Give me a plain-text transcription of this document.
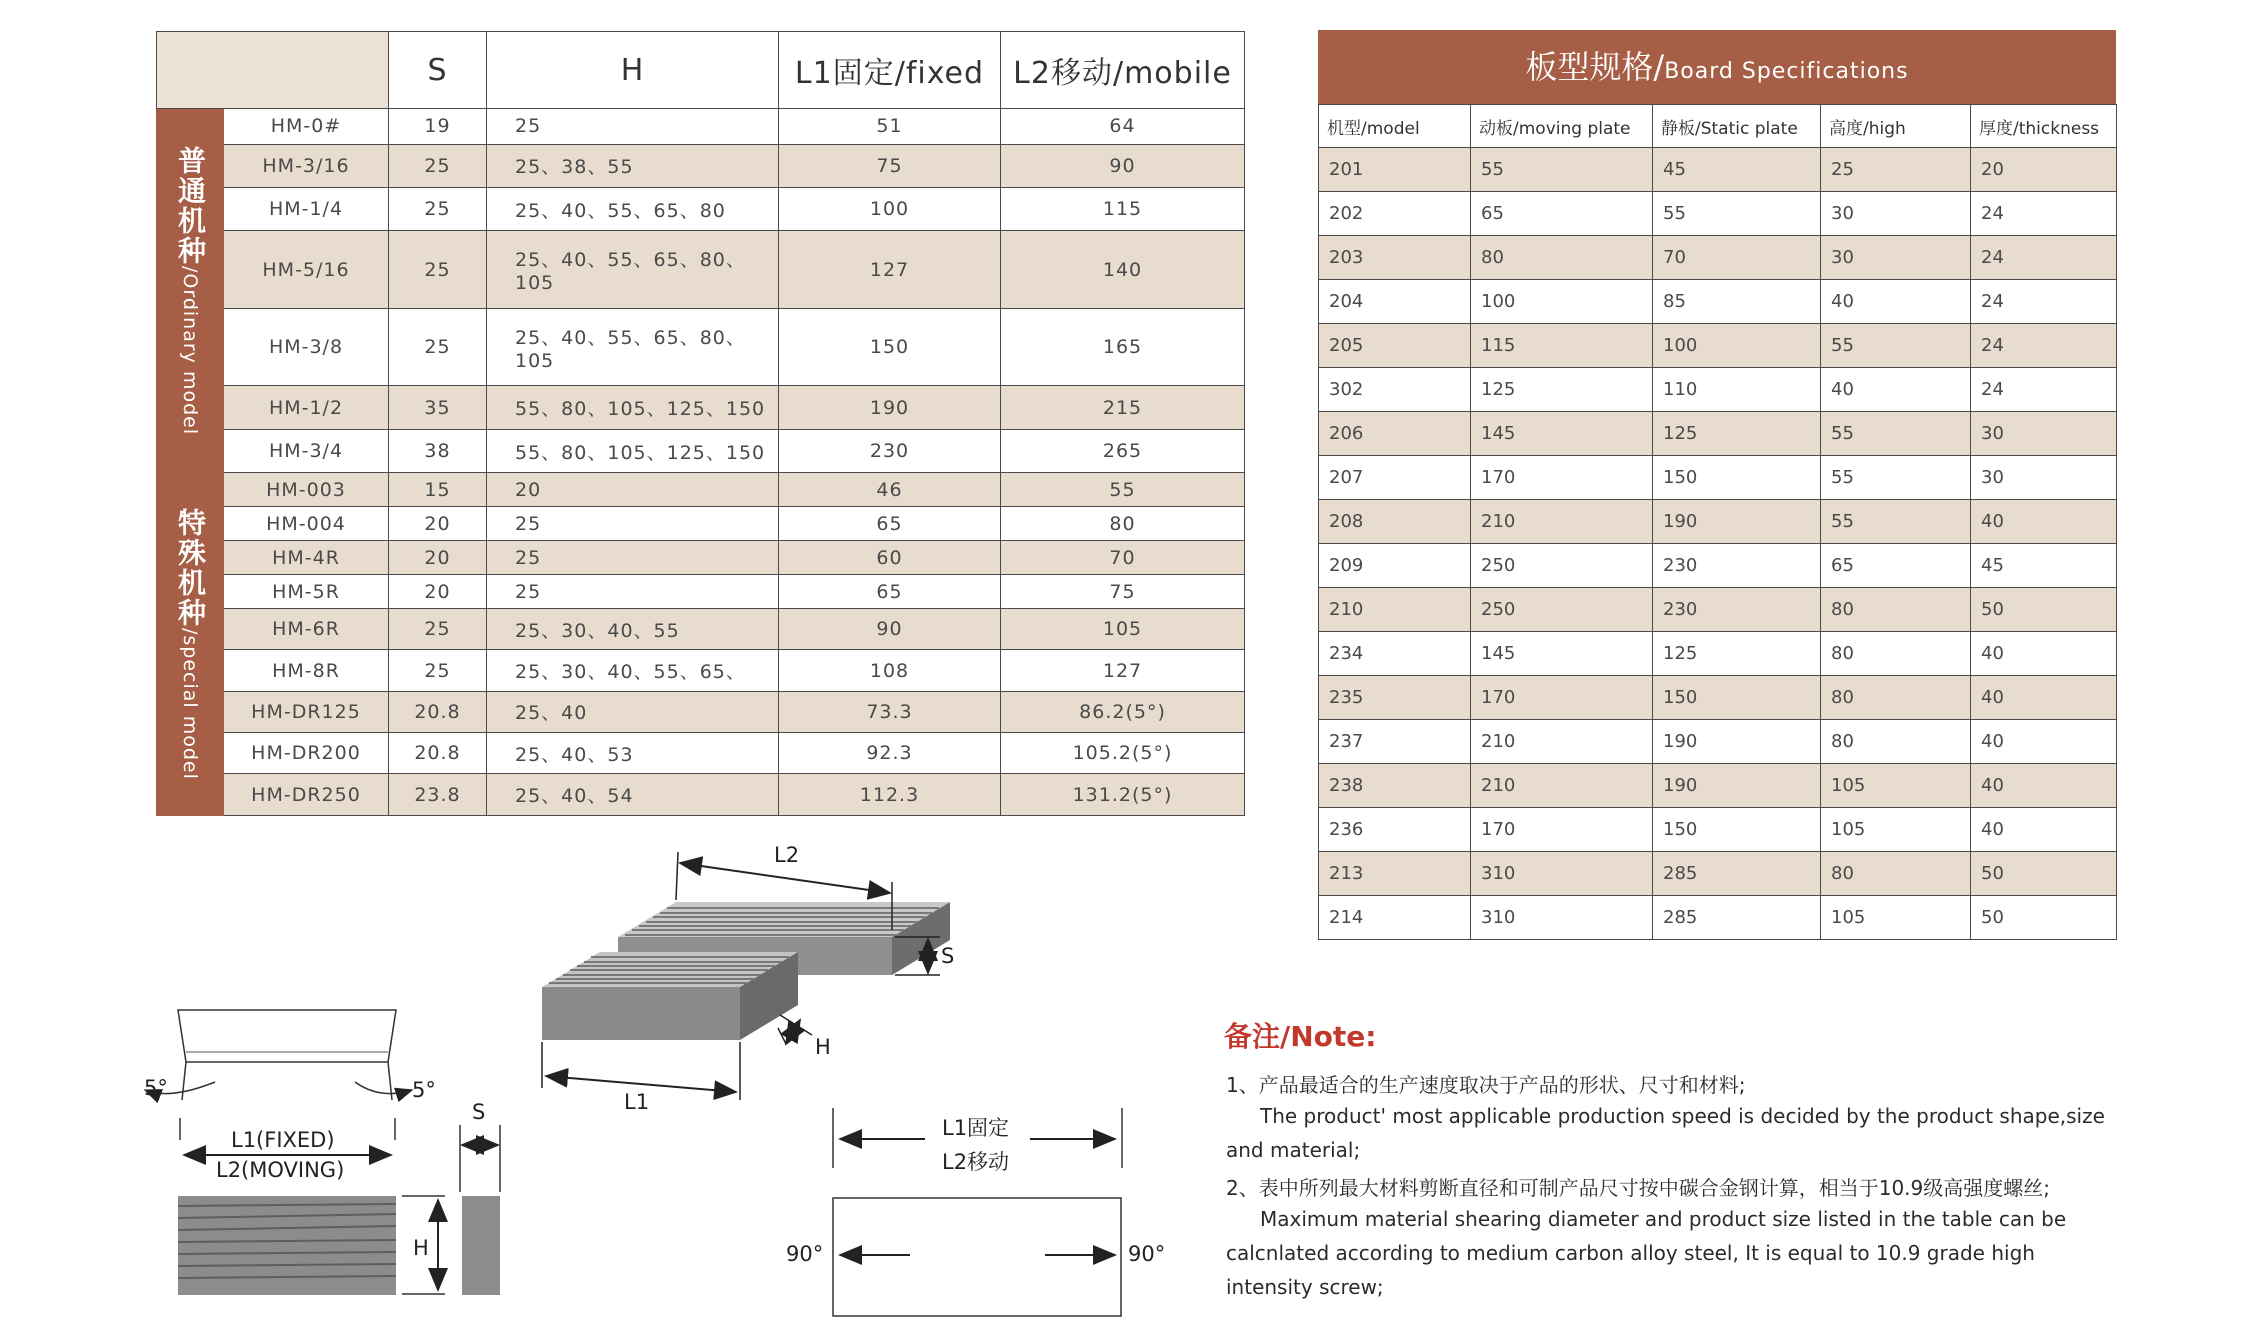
		S	H	L1固定/fixed	L2移动/mobile

普通机种/Ordinary model	HM-0#	19	25	51	64
	HM-3/16	25	25、38、55	75	90
	HM-1/4	25	25、40、55、65、80	100	115
	HM-5/16	25	25、40、55、65、80、105	127	140
	HM-3/8	25	25、40、55、65、80、105	150	165
	HM-1/2	35	55、80、105、125、150	190	215
	HM-3/4	38	55、80、105、125、150	230	265

特殊机种/special model	HM-003	15	20	46	55
	HM-004	20	25	65	80
	HM-4R	20	25	60	70
	HM-5R	20	25	65	75
	HM-6R	25	25、30、40、55	90	105
	HM-8R	25	25、30、40、55、65、	108	127
	HM-DR125	20.8	25、40	73.3	86.2(5°)
	HM-DR200	20.8	25、40、53	92.3	105.2(5°)
	HM-DR250	23.8	25、40、54	112.3	131.2(5°)
板型规格/Board Specifications
机型/model	动板/moving plate	静板/Static plate	高度/high	厚度/thickness
201	55	45	25	20
202	65	55	30	24
203	80	70	30	24
204	100	85	40	24
205	115	100	55	24
302	125	110	40	24
206	145	125	55	30
207	170	150	55	30
208	210	190	55	40
209	250	230	65	45
210	250	230	80	50
234	145	125	80	40
235	170	150	80	40
237	210	190	80	40
238	210	190	105	40
236	170	150	105	40
213	310	285	80	50
214	310	285	105	50
备注/Note:
1、产品最适合的生产速度取决于产品的形状、尺寸和材料;
The product' most applicable production speed is decided by the product shape,size
and material;
2、表中所列最大材料剪断直径和可制产品尺寸按中碳合金钢计算，相当于10.9级高强度螺丝;
Maximum material shearing diameter and product size listed in the table can be
calcnlated according to medium carbon alloy steel, It is equal to 10.9 grade high
intensity screw;
L2
L1
S
H
5°	5°
L1(FIXED)
L2(MOVING)
S
H
L1固定
L2移动
90°	90°
